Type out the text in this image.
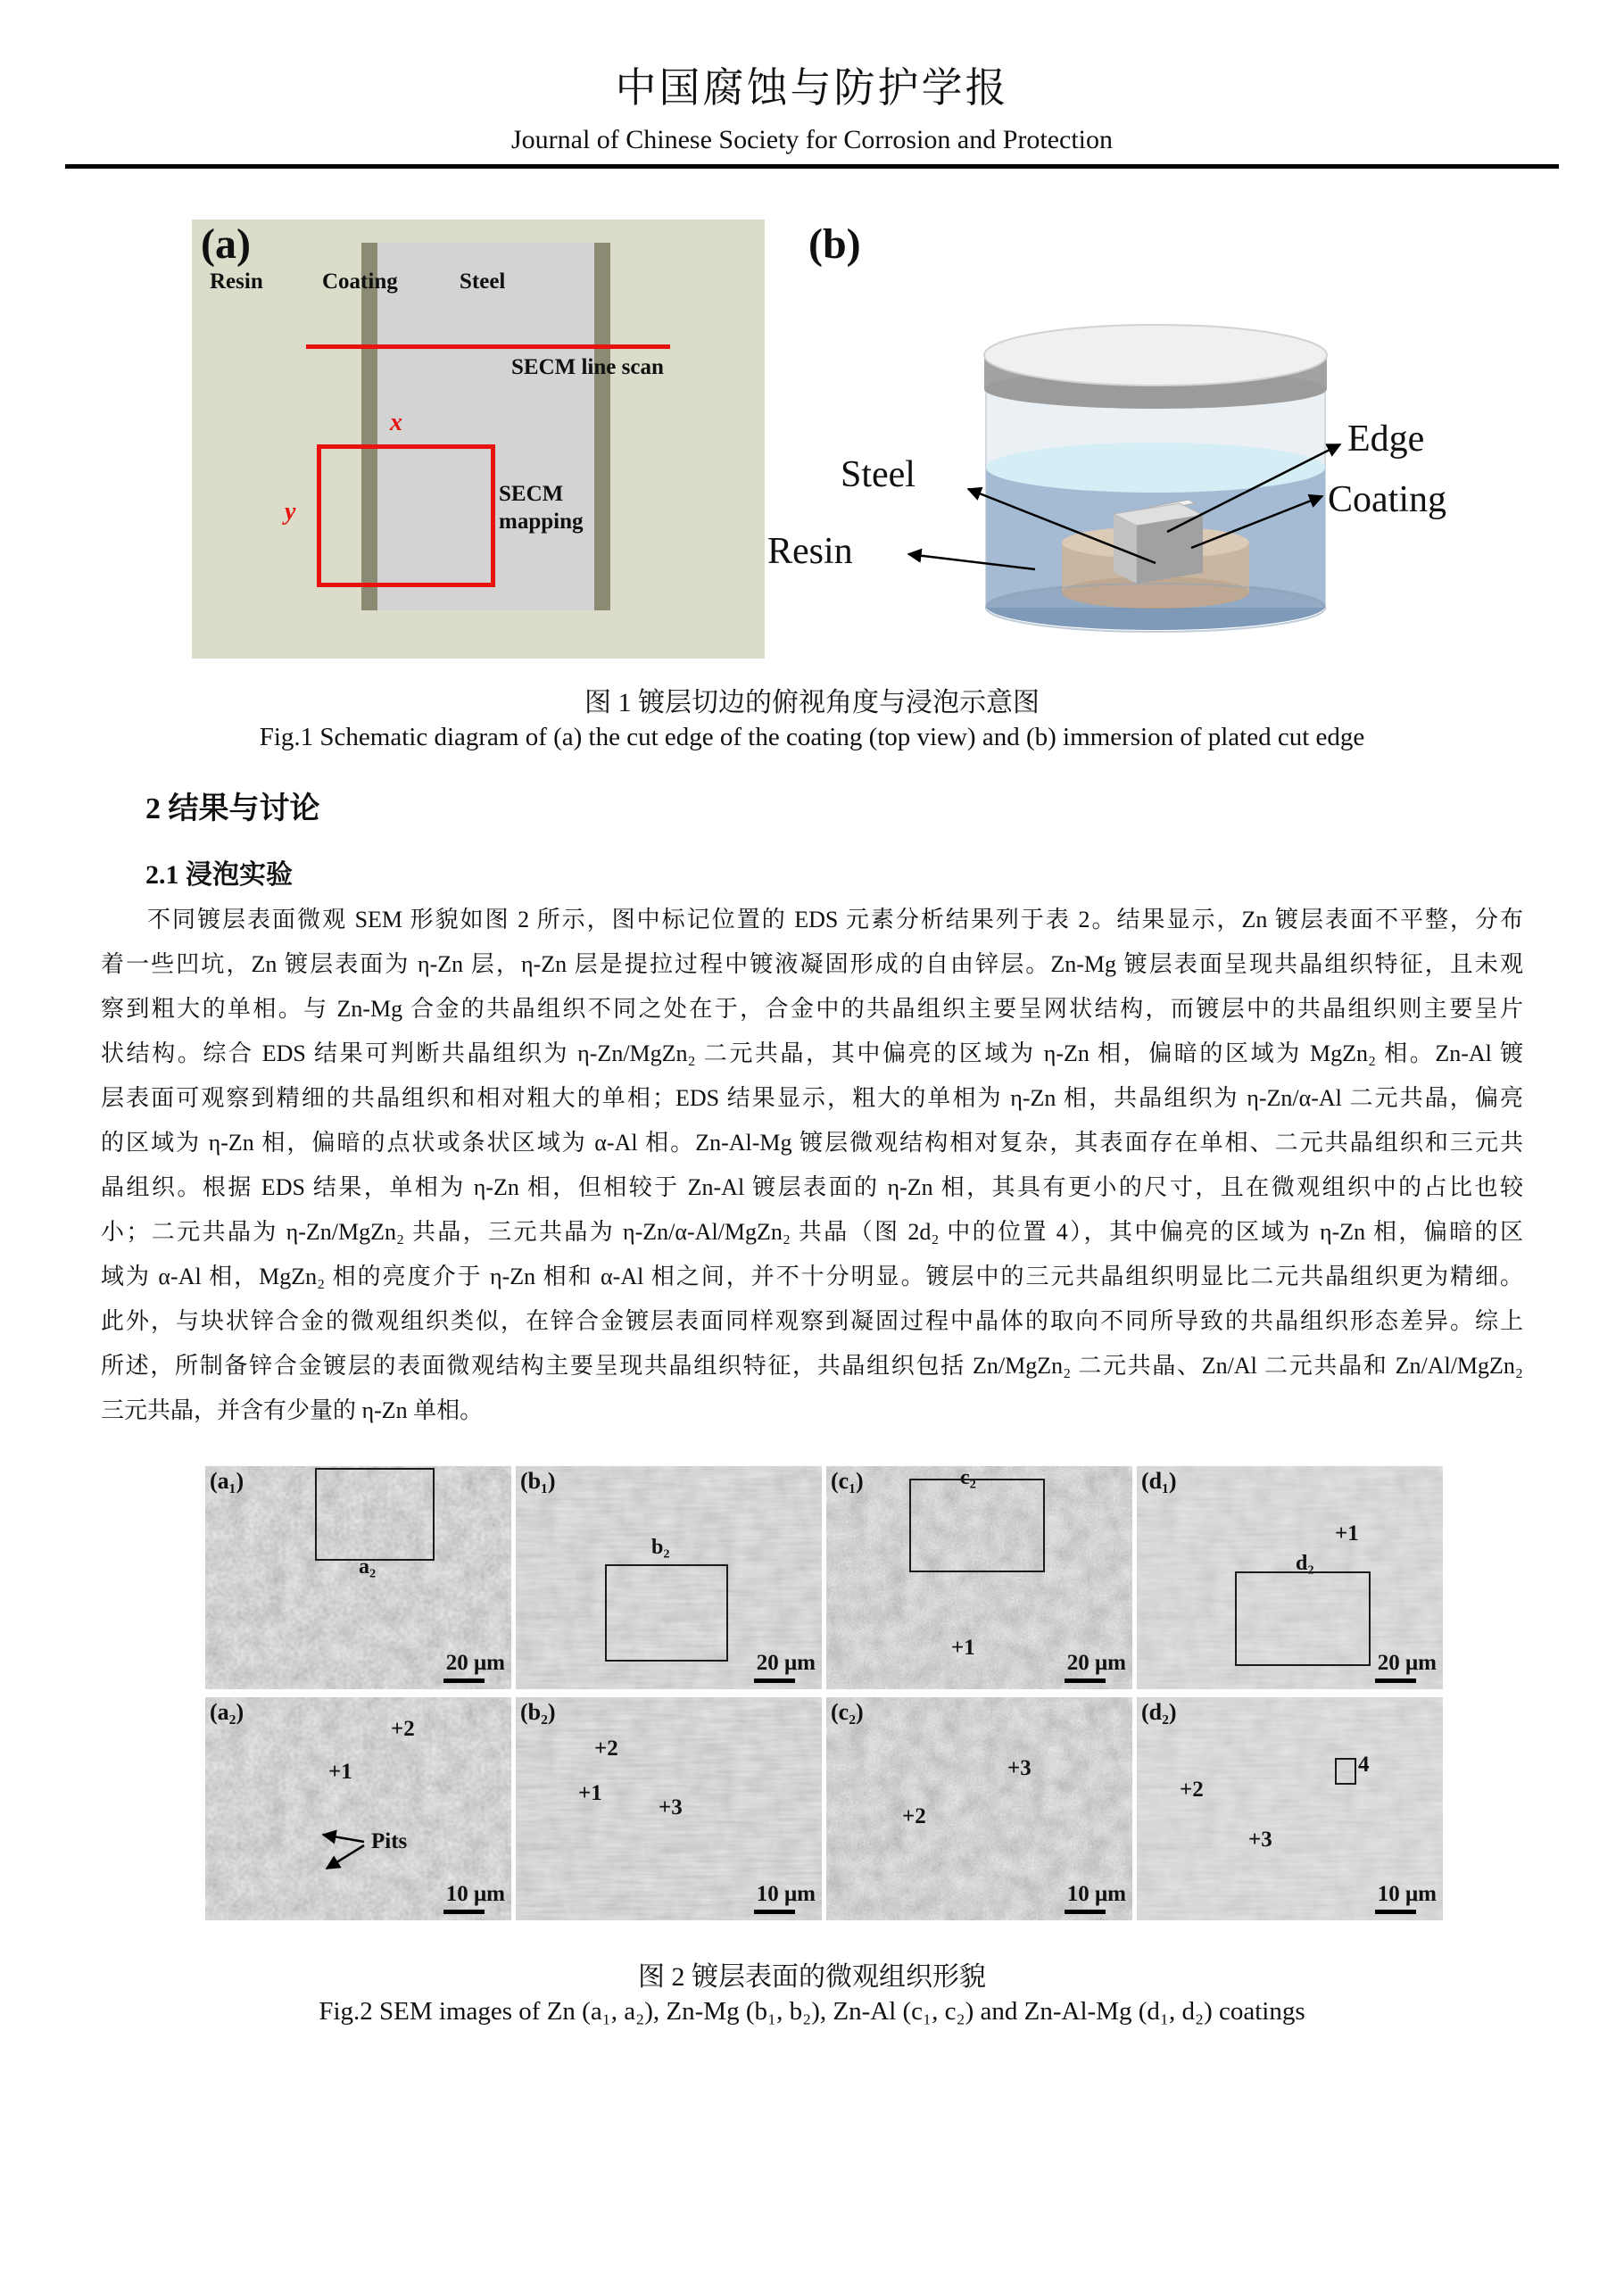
中国腐蚀与防护学报
Journal of Chinese Society for Corrosion and Protection
(a)
Resin	Coating	Steel
SECM line scan
x
y
SECM mapping
(b)
Steel
Resin
Edge
Coating
图 1 镀层切边的俯视角度与浸泡示意图
Fig.1 Schematic diagram of (a) the cut edge of the coating (top view) and (b) immersion of plated cut edge
2 结果与讨论
2.1 浸泡实验
不同镀层表面微观 SEM 形貌如图 2 所示，图中标记位置的 EDS 元素分析结果列于表 2。结果显示，Zn 镀层表面不平整，分布
着一些凹坑，Zn 镀层表面为 η-Zn 层，η-Zn 层是提拉过程中镀液凝固形成的自由锌层。Zn-Mg 镀层表面呈现共晶组织特征，且未观
察到粗大的单相。与 Zn-Mg 合金的共晶组织不同之处在于，合金中的共晶组织主要呈网状结构，而镀层中的共晶组织则主要呈片
状结构。综合 EDS 结果可判断共晶组织为 η-Zn/MgZn₂ 二元共晶，其中偏亮的区域为 η-Zn 相，偏暗的区域为 MgZn₂ 相。Zn-Al 镀
层表面可观察到精细的共晶组织和相对粗大的单相；EDS 结果显示，粗大的单相为 η-Zn 相，共晶组织为 η-Zn/α-Al 二元共晶，偏亮
的区域为 η-Zn 相，偏暗的点状或条状区域为 α-Al 相。Zn-Al-Mg 镀层微观结构相对复杂，其表面存在单相、二元共晶组织和三元共
晶组织。根据 EDS 结果，单相为 η-Zn 相，但相较于 Zn-Al 镀层表面的 η-Zn 相，其具有更小的尺寸，且在微观组织中的占比也较
小；二元共晶为 η-Zn/MgZn₂ 共晶，三元共晶为 η-Zn/α-Al/MgZn₂ 共晶（图 2d₂ 中的位置 4），其中偏亮的区域为 η-Zn 相，偏暗的区
域为 α-Al 相，MgZn₂ 相的亮度介于 η-Zn 相和 α-Al 相之间，并不十分明显。镀层中的三元共晶组织明显比二元共晶组织更为精细。
此外，与块状锌合金的微观组织类似，在锌合金镀层表面同样观察到凝固过程中晶体的取向不同所导致的共晶组织形态差异。综上
所述，所制备锌合金镀层的表面微观结构主要呈现共晶组织特征，共晶组织包括 Zn/MgZn₂ 二元共晶、Zn/Al 二元共晶和 Zn/Al/MgZn₂
三元共晶，并含有少量的 η-Zn 单相。
(a₁)
a₂
20 μm
(b₁)
b₂
20 μm
(c₁)	c₂
+1
20 μm
(d₁)
+1
d₂
20 μm
(a₂)
+2
+1
Pits
10 μm
(b₂)
+2
+1
+3
10 μm
(c₂)
+3
+2
10 μm
(d₂)
+2
+3
4
10 μm
图 2 镀层表面的微观组织形貌
Fig.2 SEM images of Zn (a₁, a₂), Zn-Mg (b₁, b₂), Zn-Al (c₁, c₂) and Zn-Al-Mg (d₁, d₂) coatings
